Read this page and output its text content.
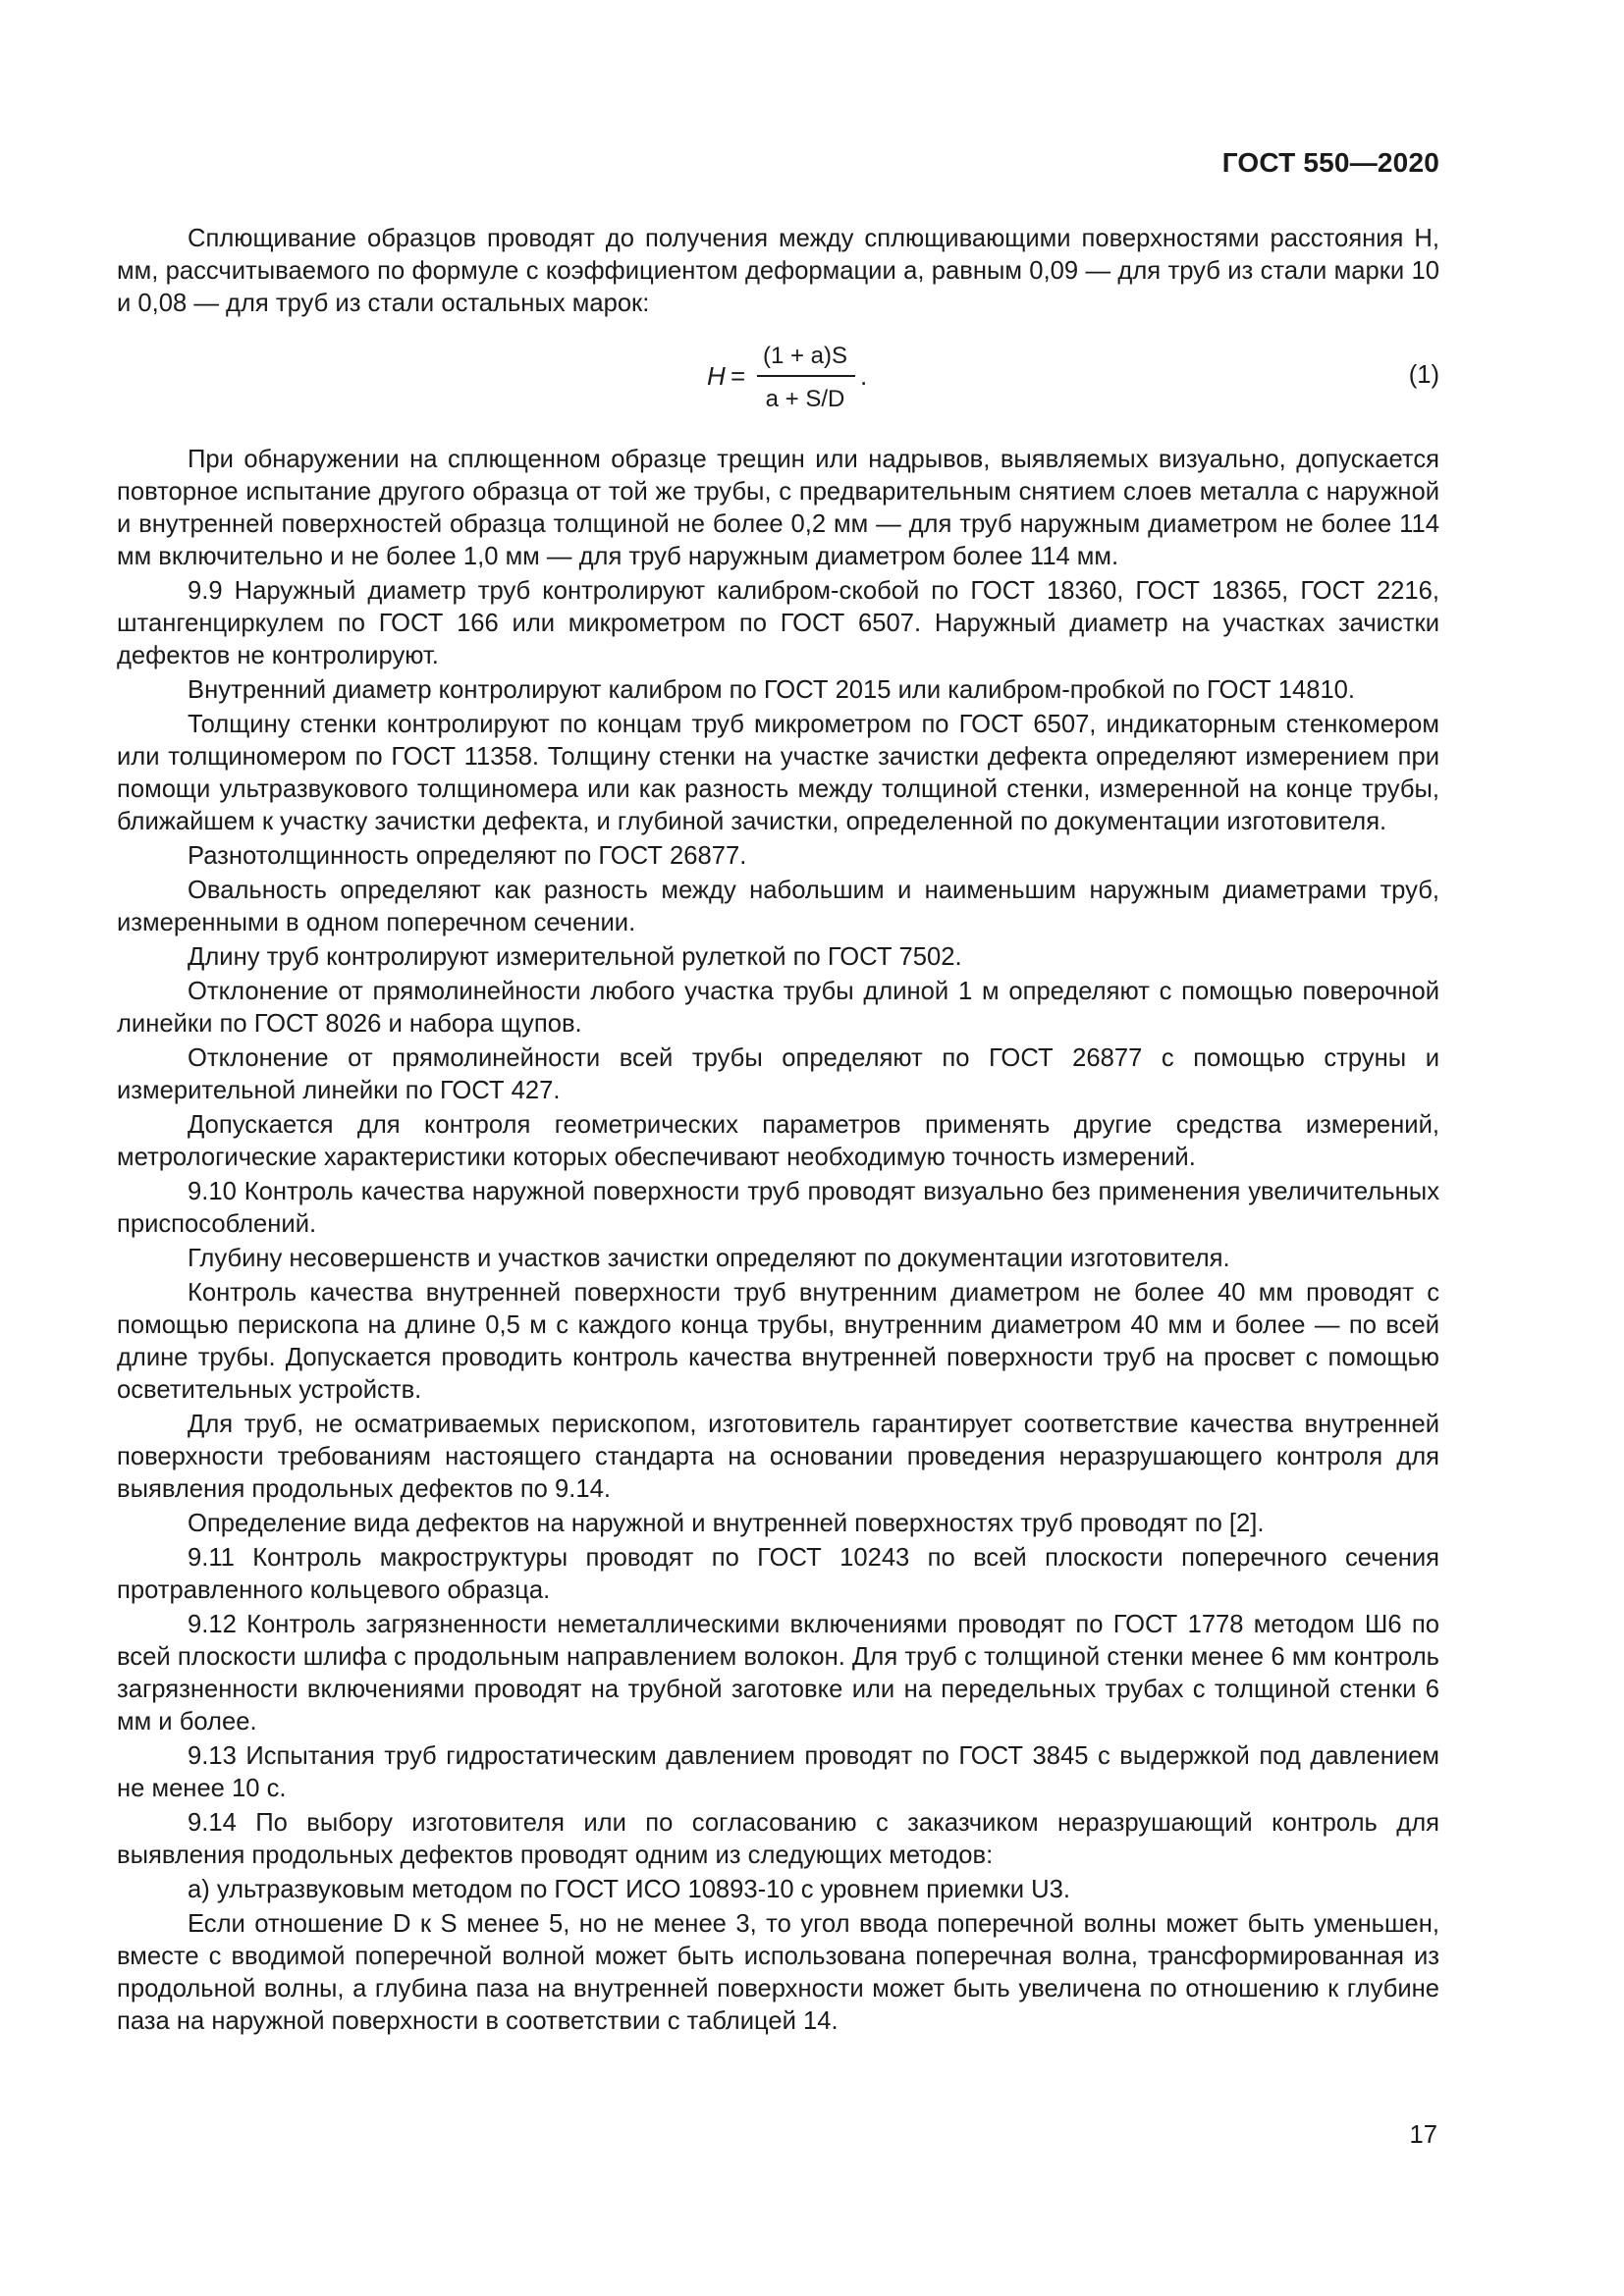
ГОСТ 550—2020

Сплющивание образцов проводят до получения между сплющивающими поверхностями расстояния H, мм, рассчитываемого по формуле с коэффициентом деформации a, равным 0,09 — для труб из стали марки 10 и 0,08 — для труб из стали остальных марок:

H =
(1 + a)S
a + S/D
.	(1)

При обнаружении на сплющенном образце трещин или надрывов, выявляемых визуально, допускается повторное испытание другого образца от той же трубы, с предварительным снятием слоев металла с наружной и внутренней поверхностей образца толщиной не более 0,2 мм — для труб наружным диаметром не более 114 мм включительно и не более 1,0 мм — для труб наружным диаметром более 114 мм.

9.9 Наружный диаметр труб контролируют калибром-скобой по ГОСТ 18360, ГОСТ 18365, ГОСТ 2216, штангенциркулем по ГОСТ 166 или микрометром по ГОСТ 6507. Наружный диаметр на участках зачистки дефектов не контролируют.

Внутренний диаметр контролируют калибром по ГОСТ 2015 или калибром-пробкой по ГОСТ 14810.

Толщину стенки контролируют по концам труб микрометром по ГОСТ 6507, индикаторным стенкомером или толщиномером по ГОСТ 11358. Толщину стенки на участке зачистки дефекта определяют измерением при помощи ультразвукового толщиномера или как разность между толщиной стенки, измеренной на конце трубы, ближайшем к участку зачистки дефекта, и глубиной зачистки, определенной по документации изготовителя.

Разнотолщинность определяют по ГОСТ 26877.

Овальность определяют как разность между набольшим и наименьшим наружным диаметрами труб, измеренными в одном поперечном сечении.

Длину труб контролируют измерительной рулеткой по ГОСТ 7502.

Отклонение от прямолинейности любого участка трубы длиной 1 м определяют с помощью поверочной линейки по ГОСТ 8026 и набора щупов.

Отклонение от прямолинейности всей трубы определяют по ГОСТ 26877 с помощью струны и измерительной линейки по ГОСТ 427.

Допускается для контроля геометрических параметров применять другие средства измерений, метрологические характеристики которых обеспечивают необходимую точность измерений.

9.10 Контроль качества наружной поверхности труб проводят визуально без применения увеличительных приспособлений.

Глубину несовершенств и участков зачистки определяют по документации изготовителя.

Контроль качества внутренней поверхности труб внутренним диаметром не более 40 мм проводят с помощью перископа на длине 0,5 м с каждого конца трубы, внутренним диаметром 40 мм и более — по всей длине трубы. Допускается проводить контроль качества внутренней поверхности труб на просвет с помощью осветительных устройств.

Для труб, не осматриваемых перископом, изготовитель гарантирует соответствие качества внутренней поверхности требованиям настоящего стандарта на основании проведения неразрушающего контроля для выявления продольных дефектов по 9.14.

Определение вида дефектов на наружной и внутренней поверхностях труб проводят по [2].

9.11 Контроль макроструктуры проводят по ГОСТ 10243 по всей плоскости поперечного сечения протравленного кольцевого образца.

9.12 Контроль загрязненности неметаллическими включениями проводят по ГОСТ 1778 методом Ш6 по всей плоскости шлифа с продольным направлением волокон. Для труб с толщиной стенки менее 6 мм контроль загрязненности включениями проводят на трубной заготовке или на передельных трубах с толщиной стенки 6 мм и более.

9.13 Испытания труб гидростатическим давлением проводят по ГОСТ 3845 с выдержкой под давлением не менее 10 с.

9.14 По выбору изготовителя или по согласованию с заказчиком неразрушающий контроль для выявления продольных дефектов проводят одним из следующих методов:

а) ультразвуковым методом по ГОСТ ИСО 10893-10 с уровнем приемки U3.

Если отношение D к S менее 5, но не менее 3, то угол ввода поперечной волны может быть уменьшен, вместе с вводимой поперечной волной может быть использована поперечная волна, трансформированная из продольной волны, а глубина паза на внутренней поверхности может быть увеличена по отношению к глубине паза на наружной поверхности в соответствии с таблицей 14.

17
